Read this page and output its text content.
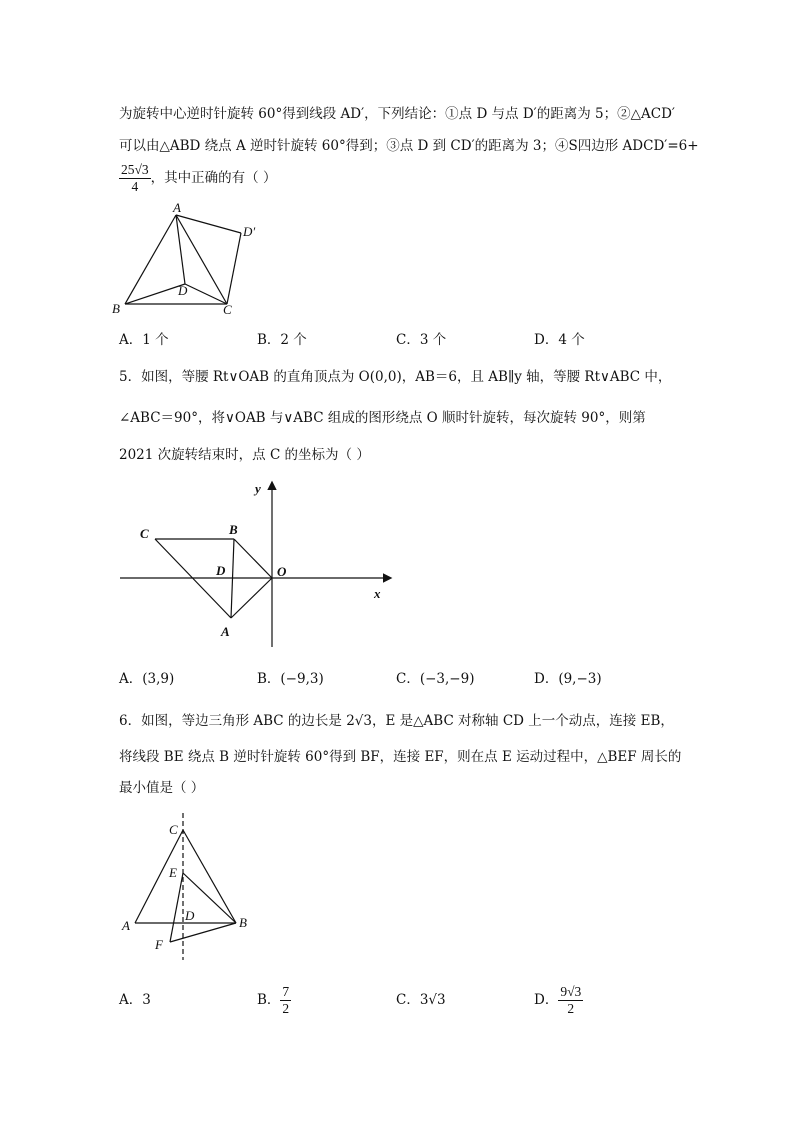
为旋转中心逆时针旋转 60°得到线段 AD′，下列结论：①点 D 与点 D′的距离为 5；②△ACD′
可以由△ABD 绕点 A 逆时针旋转 60°得到；③点 D 到 CD′的距离为 3；④S四边形 ADCD′=6+
$\frac{25√3}{4}$ ，其中正确的有（ ）
A
B	C
D
D′
A．1 个	B．2 个	C．3 个	D．4 个
5．如图，等腰 Rt∨OAB 的直角顶点为 O(0,0)，AB＝6，且 AB∥y 轴，等腰 Rt∨ABC 中，
∠ABC＝90°，将∨OAB 与∨ABC 组成的图形绕点 O 顺时针旋转，每次旋转 90°，则第
2021 次旋转结束时，点 C 的坐标为（ ）
y
x
O
B
C
D
A
A．(3,9)	B．(−9,3)	C．(−3,−9)	D．(9,−3)
6．如图，等边三角形 ABC 的边长是 2√3，E 是△ABC 对称轴 CD 上一个动点，连接 EB，
将线段 BE 绕点 B 逆时针旋转 60°得到 BF，连接 EF，则在点 E 运动过程中，△BEF 周长的
最小值是（ ）
C
E
D
A	B
F
A．3	B． $\frac{7}{2}$	C．3√3	D． $\frac{9√3}{2}$
